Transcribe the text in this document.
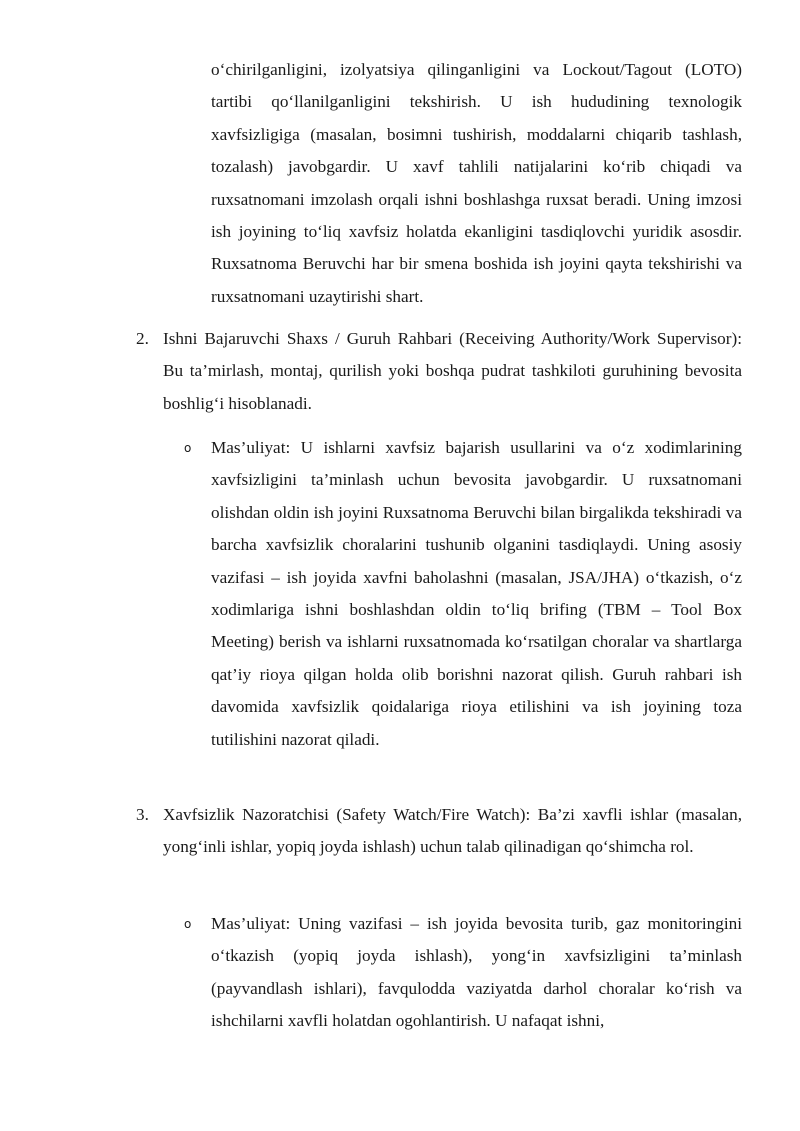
o‘chirilganligini, izolyatsiya qilinganligini va Lockout/Tagout (LOTO) tartibi qo‘llanilganligini tekshirish. U ish hududining texnologik xavfsizligiga (masalan, bosimni tushirish, moddalarni chiqarib tashlash, tozalash) javobgardir. U xavf tahlili natijalarini ko‘rib chiqadi va ruxsatnomani imzolash orqali ishni boshlashga ruxsat beradi. Uning imzosi ish joyining to‘liq xavfsiz holatda ekanligini tasdiqlovchi yuridik asosdir. Ruxsatnoma Beruvchi har bir smena boshida ish joyini qayta tekshirishi va ruxsatnomani uzaytirishi shart.

2. Ishni Bajaruvchi Shaxs / Guruh Rahbari (Receiving Authority/Work Supervisor): Bu ta’mirlash, montaj, qurilish yoki boshqa pudrat tashkiloti guruhining bevosita boshlig‘i hisoblanadi.

o	Mas’uliyat: U ishlarni xavfsiz bajarish usullarini va o‘z xodimlarining xavfsizligini ta’minlash uchun bevosita javobgardir. U ruxsatnomani olishdan oldin ish joyini Ruxsatnoma Beruvchi bilan birgalikda tekshiradi va barcha xavfsizlik choralarini tushunib olganini tasdiqlaydi. Uning asosiy vazifasi – ish joyida xavfni baholashni (masalan, JSA/JHA) o‘tkazish, o‘z xodimlariga ishni boshlashdan oldin to‘liq brifing (TBM – Tool Box Meeting) berish va ishlarni ruxsatnomada ko‘rsatilgan choralar va shartlarga qat’iy rioya qilgan holda olib borishni nazorat qilish. Guruh rahbari ish davomida xavfsizlik qoidalariga rioya etilishini va ish joyining toza tutilishini nazorat qiladi.

3. Xavfsizlik Nazoratchisi (Safety Watch/Fire Watch): Ba’zi xavfli ishlar (masalan, yong‘inli ishlar, yopiq joyda ishlash) uchun talab qilinadigan qo‘shimcha rol.

o	Mas’uliyat: Uning vazifasi – ish joyida bevosita turib, gaz monitoringini o‘tkazish (yopiq joyda ishlash), yong‘in xavfsizligini ta’minlash (payvandlash ishlari), favqulodda vaziyatda darhol choralar ko‘rish va ishchilarni xavfli holatdan ogohlantirish. U nafaqat ishni,
